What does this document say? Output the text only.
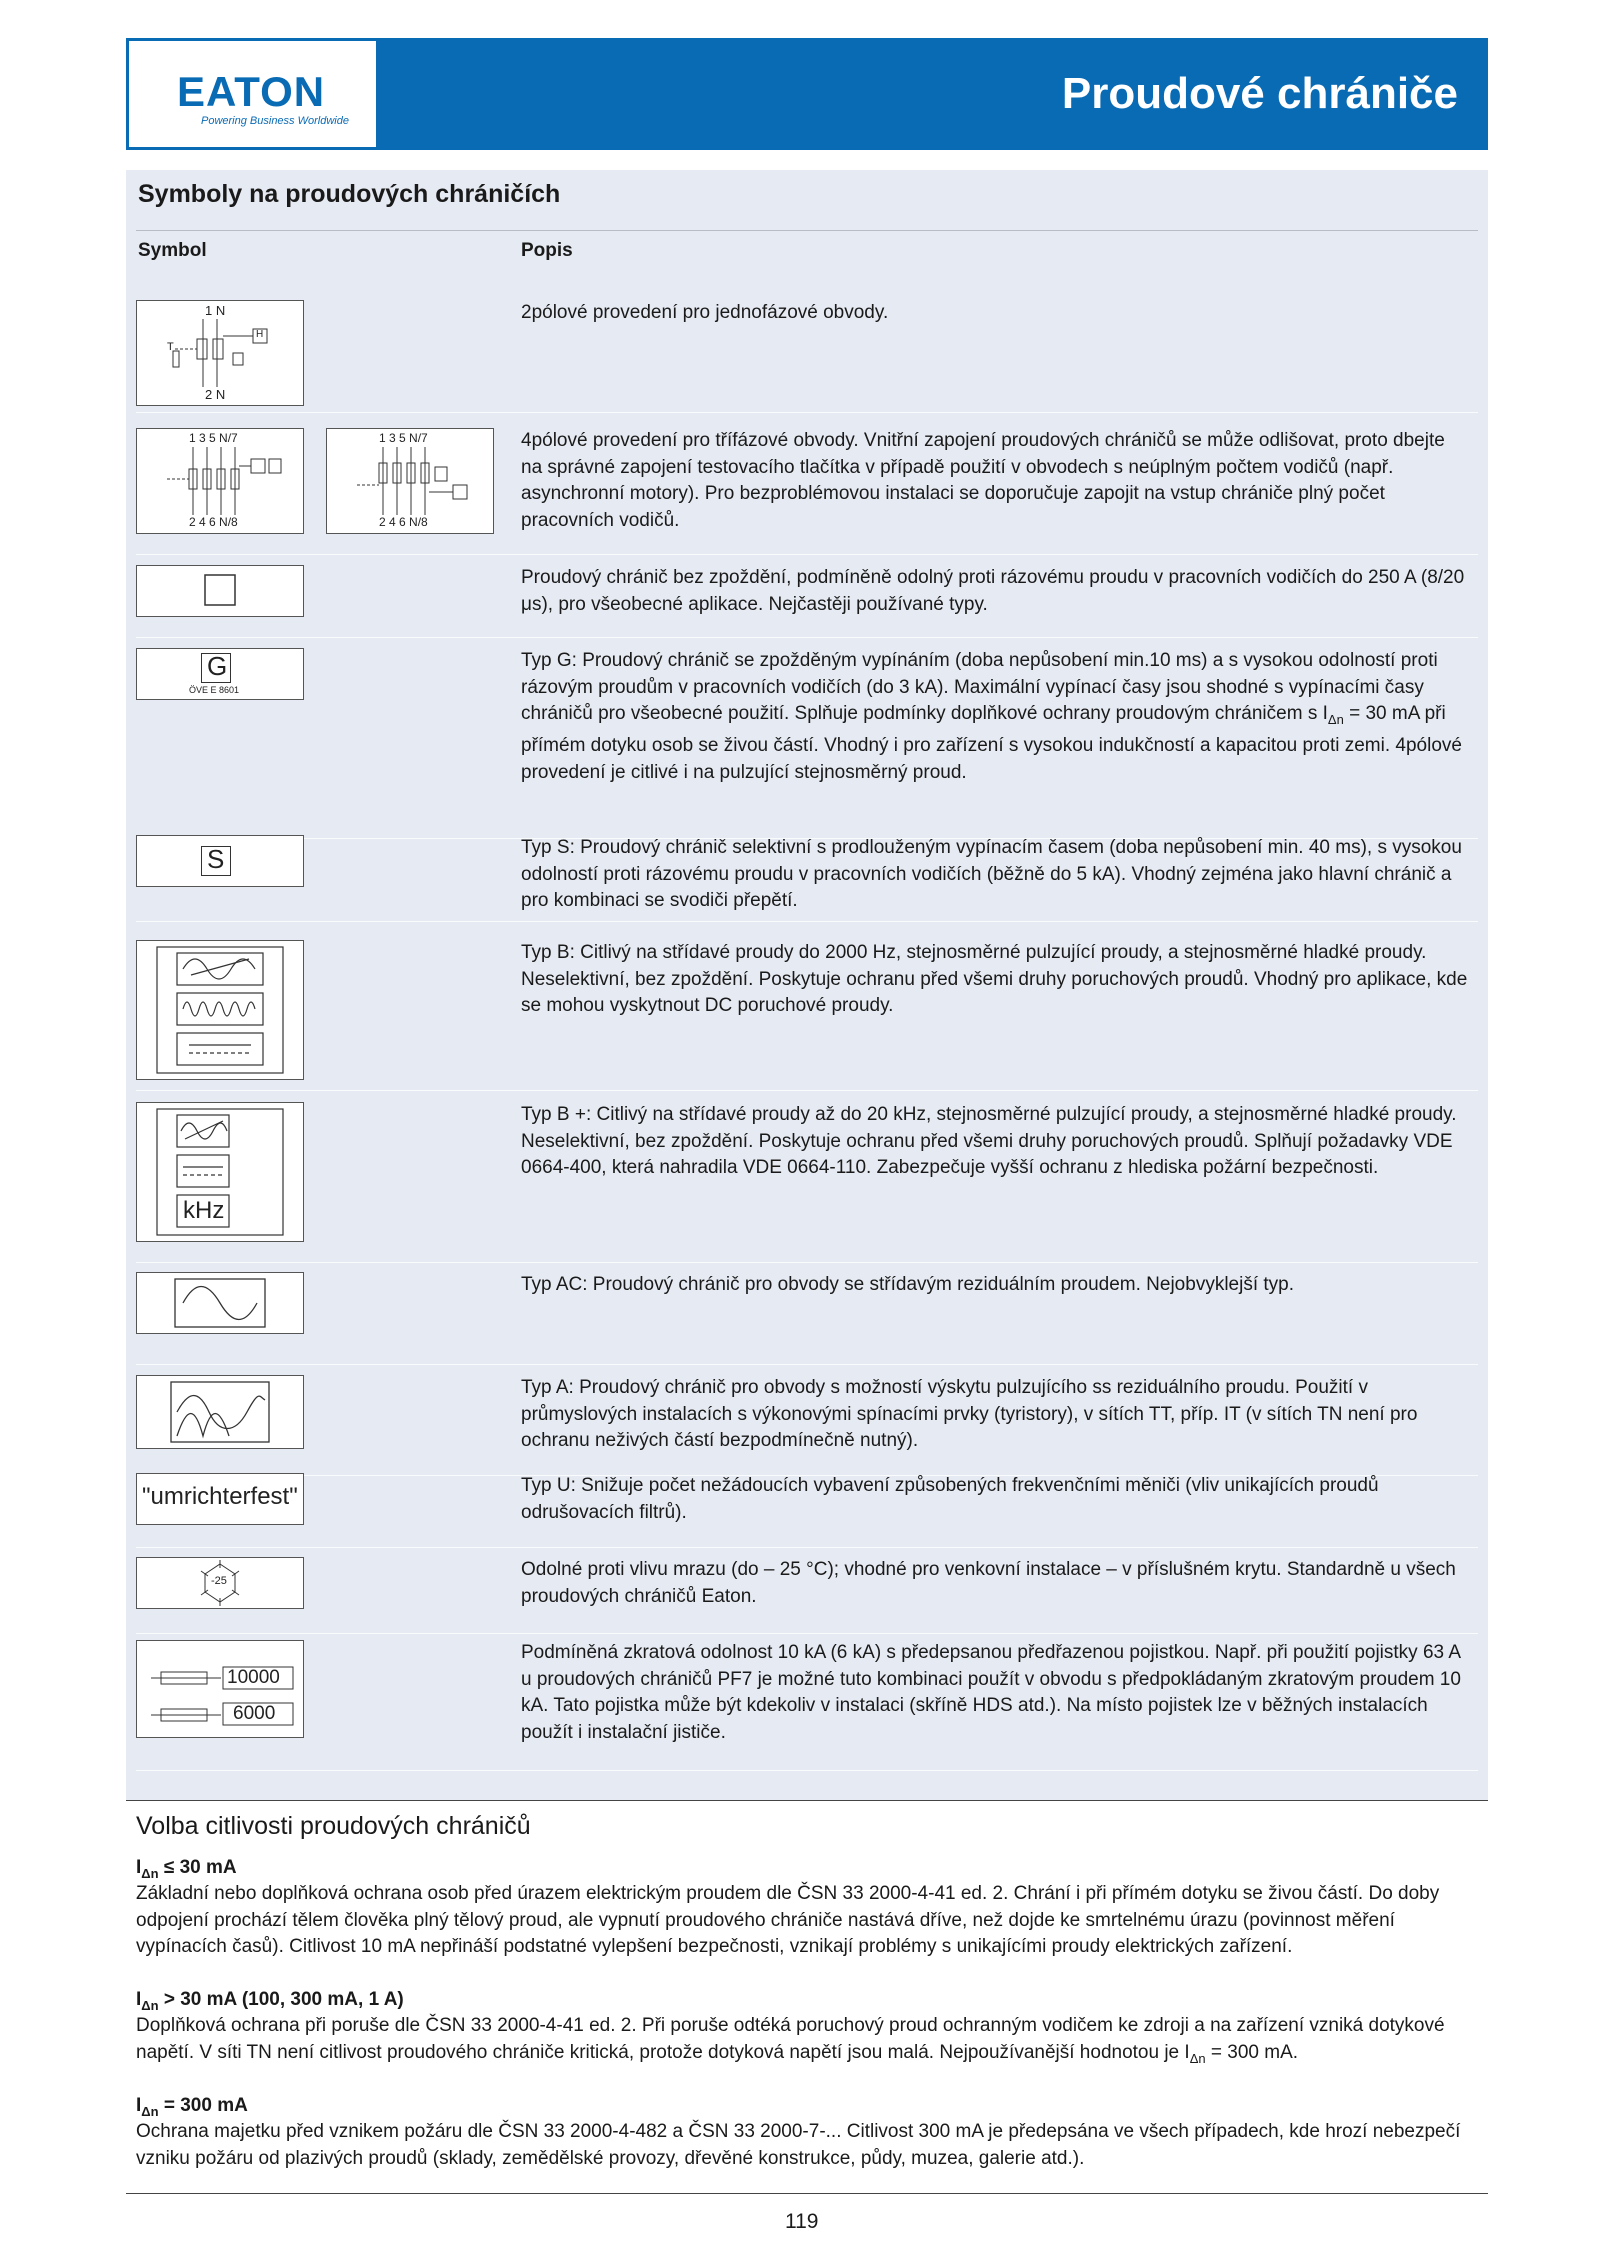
EATON
Powering Business Worldwide
Proudové chrániče
Symboly na proudových chráničích
Symbol	Popis
1 N
2 N
T
H
2pólové provedení pro jednofázové obvody.
1 3 5 N/7
2 4 6 N/8
1 3 5 N/7
2 4 6 N/8
4pólové provedení pro třífázové obvody. Vnitřní zapojení proudových chráničů se může odlišovat, proto dbejte na správné zapojení testovacího tlačítka v případě použití v obvodech s neúplným počtem vodičů (např. asynchronní motory). Pro bezproblémovou instalaci se doporučuje zapojit na vstup chrániče plný počet pracovních vodičů.
Proudový chránič bez zpoždění, podmíněně odolný proti rázovému proudu v pracovních vodičích do 250 A (8/20 μs), pro všeobecné aplikace. Nejčastěji používané typy.
G
ÖVE E 8601
Typ G: Proudový chránič se zpožděným vypínáním (doba nepůsobení min.10 ms) a s vysokou odolností proti rázovým proudům v pracovních vodičích (do 3 kA). Maximální vypínací časy jsou shodné s vypínacími časy chráničů pro všeobecné použití. Splňuje podmínky doplňkové ochrany proudovým chráničem s $I_{\Delta n} = 30$ mA při přímém dotyku osob se živou částí. Vhodný i pro zařízení s vysokou indukčností a kapacitou proti zemi. 4pólové provedení je citlivé i na pulzující stejnosměrný proud.
S	Typ S: Proudový chránič selektivní s prodlouženým vypínacím časem (doba nepůsobení min. 40 ms), s vysokou odolností proti rázovému proudu v pracovních vodičích (běžně do 5 kA). Vhodný zejména jako hlavní chránič a pro kombinaci se svodiči přepětí.
Typ B: Citlivý na střídavé proudy do 2000 Hz, stejnosměrné pulzující proudy, a stejnosměrné hladké proudy. Neselektivní, bez zpoždění. Poskytuje ochranu před všemi druhy poruchových proudů. Vhodný pro aplikace, kde se mohou vyskytnout DC poruchové proudy.
kHz
Typ B +: Citlivý na střídavé proudy až do 20 kHz, stejnosměrné pulzující proudy, a stejnosměrné hladké proudy. Neselektivní, bez zpoždění. Poskytuje ochranu před všemi druhy poruchových proudů. Splňují požadavky VDE 0664-400, která nahradila VDE 0664-110. Zabezpečuje vyšší ochranu z hlediska požární bezpečnosti.
Typ AC: Proudový chránič pro obvody se střídavým reziduálním proudem. Nejobvyklejší typ.
Typ A: Proudový chránič pro obvody s možností výskytu pulzujícího ss reziduálního proudu. Použití v průmyslových instalacích s výkonovými spínacími prvky (tyristory), v sítích TT, příp. IT (v sítích TN není pro ochranu neživých částí bezpodmínečně nutný).
"umrichterfest"	Typ U: Snižuje počet nežádoucích vybavení způsobených frekvenčními měniči (vliv unikajících proudů odrušovacích filtrů).
-25
Odolné proti vlivu mrazu (do – 25 °C); vhodné pro venkovní instalace – v příslušném krytu. Standardně u všech proudových chráničů Eaton.
10000
6000
Podmíněná zkratová odolnost 10 kA (6 kA) s předepsanou předřazenou pojistkou. Např. při použití pojistky 63 A u proudových chráničů PF7 je možné tuto kombinaci použít v obvodu s předpokládaným zkratovým proudem 10 kA. Tato pojistka může být kdekoliv v instalaci (skříně HDS atd.). Na místo pojistek lze v běžných instalacích použít i instalační jističe.
Volba citlivosti proudových chráničů
$I_{\Delta n} \le 30$ mA
Základní nebo doplňková ochrana osob před úrazem elektrickým proudem dle ČSN 33 2000-4-41 ed. 2. Chrání i při přímém dotyku se živou částí. Do doby odpojení prochází tělem člověka plný tělový proud, ale vypnutí proudového chrániče nastává dříve, než dojde ke smrtelnému úrazu (povinnost měření vypínacích časů). Citlivost 10 mA nepřináší podstatné vylepšení bezpečnosti, vznikají problémy s unikajícími proudy elektrických zařízení.
$I_{\Delta n} > 30$ mA (100, 300 mA, 1 A)
Doplňková ochrana při poruše dle ČSN 33 2000-4-41 ed. 2. Při poruše odtéká poruchový proud ochranným vodičem ke zdroji a na zařízení vzniká dotykové napětí. V síti TN není citlivost proudového chrániče kritická, protože dotyková napětí jsou malá. Nejpoužívanější hodnotou je $I_{\Delta n} = 300$ mA.
$I_{\Delta n} = 300$ mA
Ochrana majetku před vznikem požáru dle ČSN 33 2000-4-482 a ČSN 33 2000-7-... Citlivost 300 mA je předepsána ve všech případech, kde hrozí nebezpečí vzniku požáru od plazivých proudů (sklady, zemědělské provozy, dřevěné konstrukce, půdy, muzea, galerie atd.).
119
